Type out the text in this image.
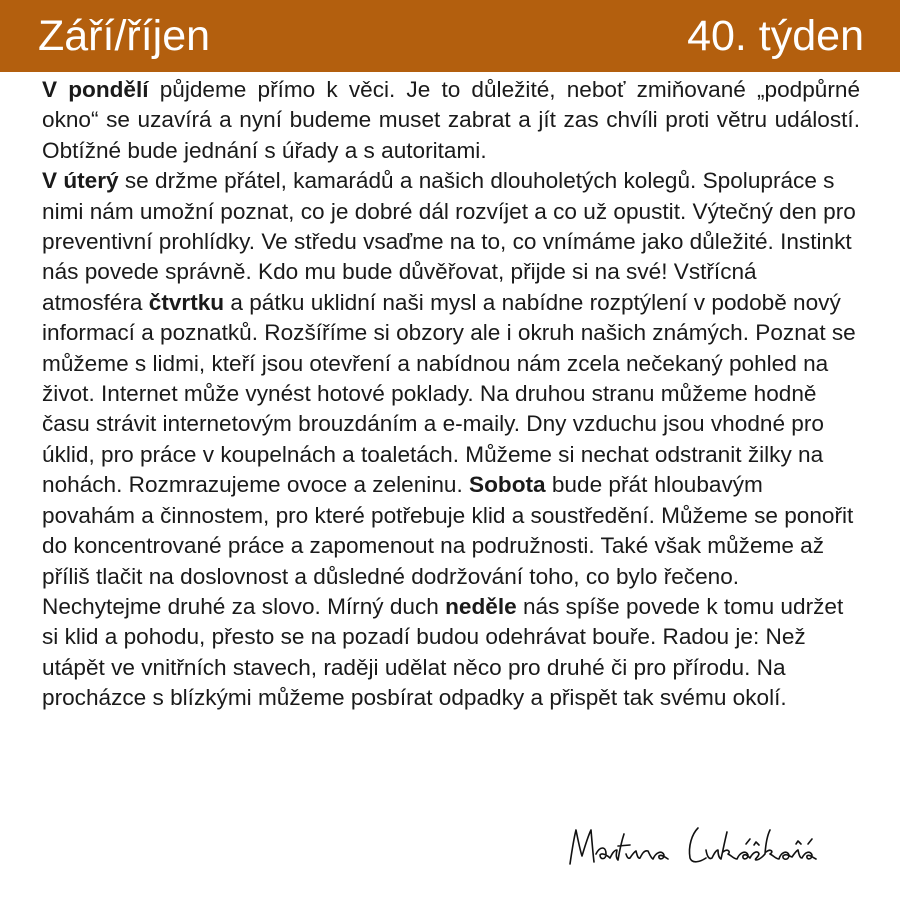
Září/říjen	40. týden

V pondělí půjdeme přímo k věci. Je to důležité, neboť zmiňované „podpůrné okno“ se uzavírá a nyní budeme muset zabrat a jít zas chvíli proti větru událostí. Obtížné bude jednání s úřady a s autoritami.

V úterý se držme přátel, kamarádů a našich dlouholetých kolegů. Spolupráce s nimi nám umožní poznat, co je dobré dál rozvíjet a co už opustit. Výtečný den pro preventivní prohlídky. Ve středu vsaďme na to, co vnímáme jako důležité. Instinkt nás povede správně. Kdo mu bude důvěřovat, přijde si na své! Vstřícná atmosféra čtvrtku a pátku uklidní naši mysl a nabídne rozptýlení v podobě nový informací a poznatků. Rozšíříme si obzory ale i okruh našich známých. Poznat se můžeme s lidmi, kteří jsou otevření a nabídnou nám zcela nečekaný pohled na život. Internet může vynést hotové poklady. Na druhou stranu můžeme hodně času strávit internetovým brouzdáním a e-maily. Dny vzduchu jsou vhodné pro úklid, pro práce v koupelnách a toaletách. Můžeme si nechat odstranit žilky na nohách. Rozmrazujeme ovoce a zeleninu. Sobota bude přát hloubavým povahám a činnostem, pro které potřebuje klid a soustředění. Můžeme se ponořit do koncentrované práce a zapomenout na podružnosti. Také však můžeme až příliš tlačit na doslovnost a důsledné dodržování toho, co bylo řečeno. Nechytejme druhé za slovo. Mírný duch neděle nás spíše povede k tomu udržet si klid a pohodu, přesto se na pozadí budou odehrávat bouře. Radou je: Než utápět ve vnitřních stavech, raději udělat něco pro druhé či pro přírodu. Na procházce s blízkými můžeme posbírat odpadky a přispět tak svému okolí.
